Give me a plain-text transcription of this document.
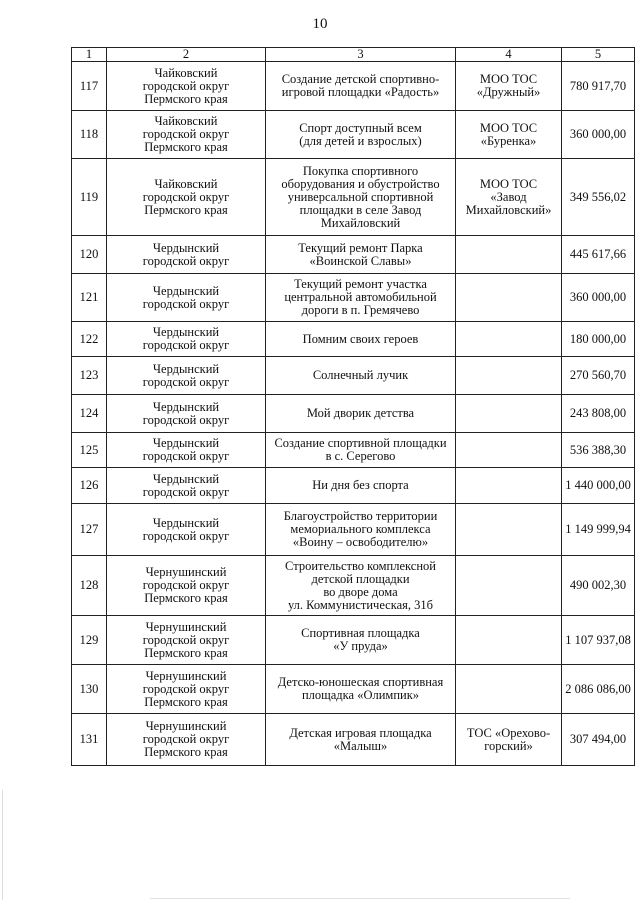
10
1	2	3	4	5
117	Чайковский
городской округ
Пермского края	Создание детской спортивно-
игровой площадки «Радость»	МОО ТОС
«Дружный»	780 917,70
118	Чайковский
городской округ
Пермского края	Спорт доступный всем
(для детей и взрослых)	МОО ТОС
«Буренка»	360 000,00
119	Чайковский
городской округ
Пермского края	Покупка спортивного
оборудования и обустройство
универсальной спортивной
площадки в селе Завод
Михайловский	МОО ТОС
«Завод
Михайловский»	349 556,02
120	Чердынский
городской округ	Текущий ремонт Парка
«Воинской Славы»		445 617,66
121	Чердынский
городской округ	Текущий ремонт участка
центральной автомобильной
дороги в п. Гремячево		360 000,00
122	Чердынский
городской округ	Помним своих героев		180 000,00
123	Чердынский
городской округ	Солнечный лучик		270 560,70
124	Чердынский
городской округ	Мой дворик детства		243 808,00
125	Чердынский
городской округ	Создание спортивной площадки
в с. Серегово		536 388,30
126	Чердынский
городской округ	Ни дня без спорта		1 440 000,00
127	Чердынский
городской округ	Благоустройство территории
мемориального комплекса
«Воину – освободителю»		1 149 999,94
128	Чернушинский
городской округ
Пермского края	Строительство комплексной
детской площадки
во дворе дома
ул. Коммунистическая, 31б		490 002,30
129	Чернушинский
городской округ
Пермского края	Спортивная площадка
«У пруда»		1 107 937,08
130	Чернушинский
городской округ
Пермского края	Детско-юношеская спортивная
площадка «Олимпик»		2 086 086,00
131	Чернушинский
городской округ
Пермского края	Детская игровая площадка
«Малыш»	ТОС «Орехово-
горский»	307 494,00
